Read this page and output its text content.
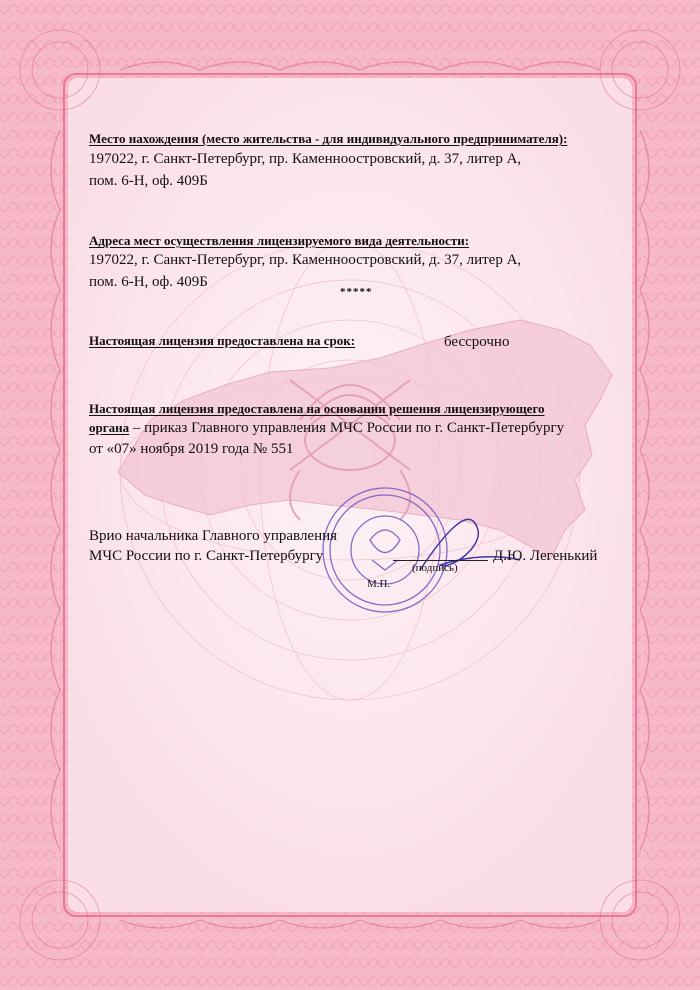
Место нахождения (место жительства - для индивидуального предпринимателя):

197022, г. Санкт-Петербург, пр. Каменноостровский, д. 37, литер А,

пом. 6-Н, оф. 409Б

Адреса мест осуществления лицензируемого вида деятельности:

197022, г. Санкт-Петербург, пр. Каменноостровский, д. 37, литер А,

пом. 6-Н, оф. 409Б

*****

Настоящая лицензия предоставлена на срок:	бессрочно

Настоящая лицензия предоставлена на основании решения лицензирующего

органа – приказ Главного управления МЧС России по г. Санкт-Петербургу

от «07» ноября 2019 года № 551

Врио начальника Главного управления

МЧС России по г. Санкт-Петербургу

(подпись)

Д.Ю. Легенький

М.П.
